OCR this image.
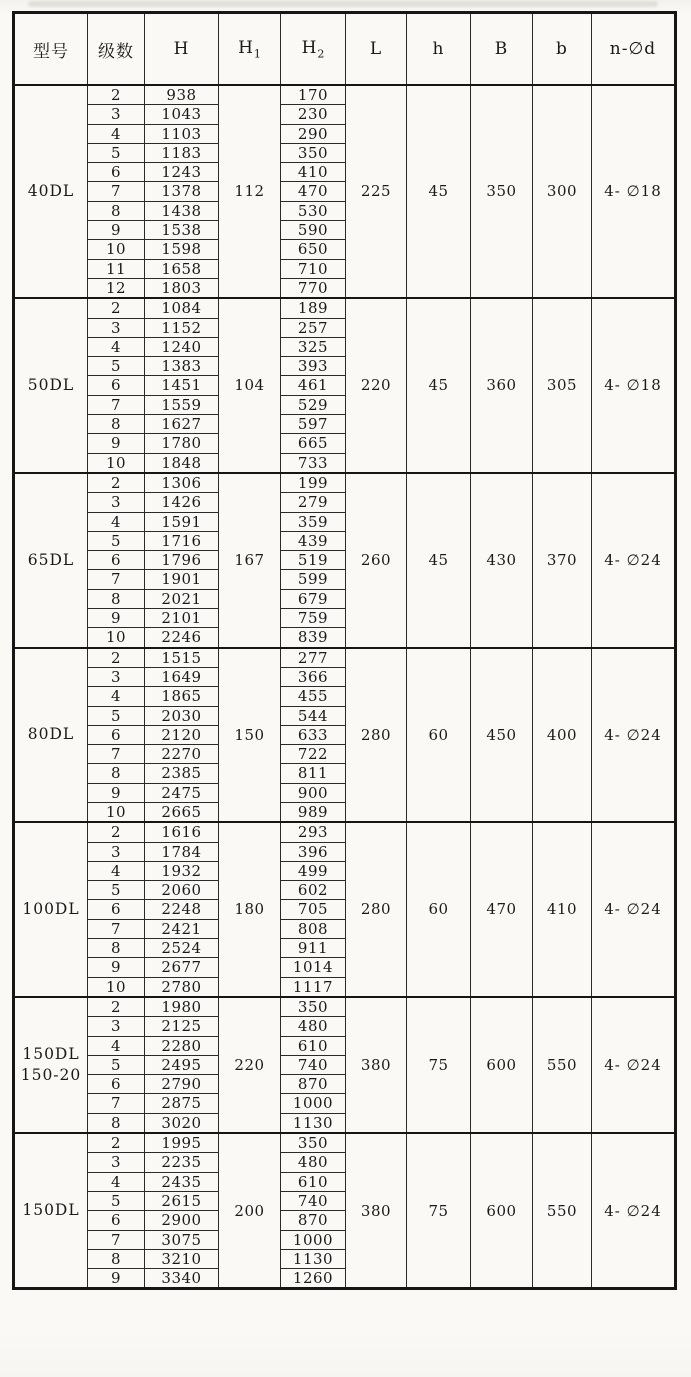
型号	级数	H	$H_1$	$H_2$	L	h	B	b	n-∅d

40DL	2	938	112	170	225	45	350	300	4- ∅18
	3	1043		230					
	4	1103		290					
	5	1183		350					
	6	1243		410					
	7	1378		470					
	8	1438		530					
	9	1538		590					
	10	1598		650					
	11	1658		710					
	12	1803		770					

50DL	2	1084	104	189	220	45	360	305	4- ∅18
	3	1152		257					
	4	1240		325					
	5	1383		393					
	6	1451		461					
	7	1559		529					
	8	1627		597					
	9	1780		665					
	10	1848		733					

65DL	2	1306	167	199	260	45	430	370	4- ∅24
	3	1426		279					
	4	1591		359					
	5	1716		439					
	6	1796		519					
	7	1901		599					
	8	2021		679					
	9	2101		759					
	10	2246		839					

80DL	2	1515	150	277	280	60	450	400	4- ∅24
	3	1649		366					
	4	1865		455					
	5	2030		544					
	6	2120		633					
	7	2270		722					
	8	2385		811					
	9	2475		900					
	10	2665		989					

100DL	2	1616	180	293	280	60	470	410	4- ∅24
	3	1784		396					
	4	1932		499					
	5	2060		602					
	6	2248		705					
	7	2421		808					
	8	2524		911					
	9	2677		1014					
	10	2780		1117					

150DL
150-20	2	1980	220	350	380	75	600	550	4- ∅24
	3	2125		480					
	4	2280		610					
	5	2495		740					
	6	2790		870					
	7	2875		1000					
	8	3020		1130					

150DL	2	1995	200	350	380	75	600	550	4- ∅24
	3	2235		480					
	4	2435		610					
	5	2615		740					
	6	2900		870					
	7	3075		1000					
	8	3210		1130					
	9	3340		1260					
